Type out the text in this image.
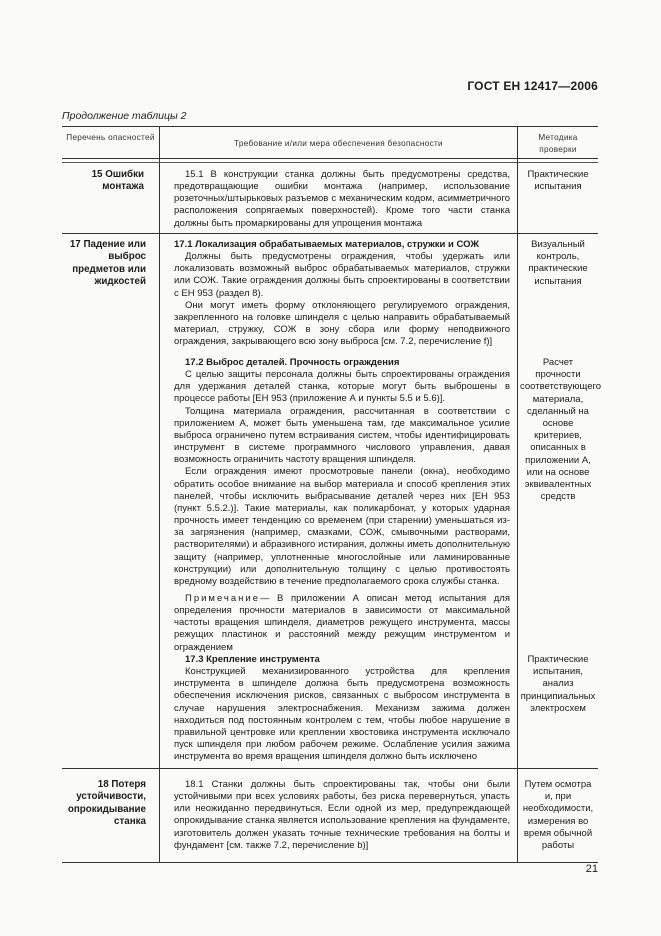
ГОСТ ЕН 12417—2006
Продолжение таблицы 2
Перечень опасностей
Требование и/или мера обеспечения безопасности
Методика проверки
15 Ошибки монтажа

15.1 В конструкции станка должны быть предусмотрены средства, предотвращающие ошибки монтажа (например, использование розеточных/штырьковых разъемов с механическим кодом, асимметричного расположения сопрягаемых поверхностей). Кроме того части станка должны быть промаркированы для упрощения монтажа

Практические испытания
17 Падение или выброс предметов или жидкостей

17.1 Локализация обрабатываемых материалов, стружки и СОЖ

Должны быть предусмотрены ограждения, чтобы удержать или локализовать возможный выброс обрабатываемых материалов, стружки или СОЖ. Такие ограждения должны быть спроектированы в соответствии с ЕН 953 (раздел 8).

Они могут иметь форму отклоняющего регулируемого ограждения, закрепленного на головке шпинделя с целью направить обрабатываемый материал, стружку, СОЖ в зону сбора или форму неподвижного ограждения, закрывающего всю зону выброса [см. 7.2, перечисление f)]

Визуальный контроль, практические испытания

17.2 Выброс деталей. Прочность ограждения

С целью защиты персонала должны быть спроектированы ограждения для удержания деталей станка, которые могут быть выброшены в процессе работы [ЕН 953 (приложение А и пункты 5.5 и 5.6)].

Толщина материала ограждения, рассчитанная в соответствии с приложением А, может быть уменьшена там, где максимальное усилие выброса ограничено путем встраивания систем, чтобы идентифицировать инструмент в системе программного числового управления, давая возможность ограничить частоту вращения шпинделя.

Если ограждения имеют просмотровые панели (окна), необходимо обратить особое внимание на выбор материала и способ крепления этих панелей, чтобы исключить выбрасывание деталей через них [ЕН 953 (пункт 5.5.2.)]. Такие материалы, как поликарбонат, у которых ударная прочность имеет тенденцию со временем (при старении) уменьшаться из-за загрязнения (например, смазками, СОЖ, смывочными растворами, растворителями) и абразивного истирания, должны иметь дополнительную защиту (например, уплотненные многослойные или ламинированные конструкции) или дополнительную толщину с целью противостоять вредному воздействию в течение предполагаемого срока службы станка.

Примечание— В приложении А описан метод испытания для определения прочности материалов в зависимости от максимальной частоты вращения шпинделя, диаметров режущего инструмента, массы режущих пластинок и расстояний между режущим инструментом и ограждением

Расчет прочности соответствующего материала, сделанный на основе критериев, описанных в приложении А, или на основе эквивалентных средств

17.3 Крепление инструмента

Конструкцией механизированного устройства для крепления инструмента в шпинделе должна быть предусмотрена возможность обеспечения исключения рисков, связанных с выбросом инструмента в случае нарушения электроснабжения. Механизм зажима должен находиться под постоянным контролем с тем, чтобы любое нарушение в правильной центровке или креплении хвостовика инструмента исключало пуск шпинделя при любом рабочем режиме. Ослабление усилия зажима инструмента во время вращения шпинделя должно быть исключено

Практические испытания, анализ принципиальных электросхем
18 Потеря устойчивости, опрокидывание станка

18.1 Станки должны быть спроектированы так, чтобы они были устойчивыми при всех условиях работы, без риска перевернуться, упасть или неожиданно передвинуться. Если одной из мер, предупреждающей опрокидывание станка является использование крепления на фундаменте, изготовитель должен указать точные технические требования на болты и фундамент [см. также 7.2, перечисление b)]

Путем осмотра и, при необходимости, измерения во время обычной работы
21
